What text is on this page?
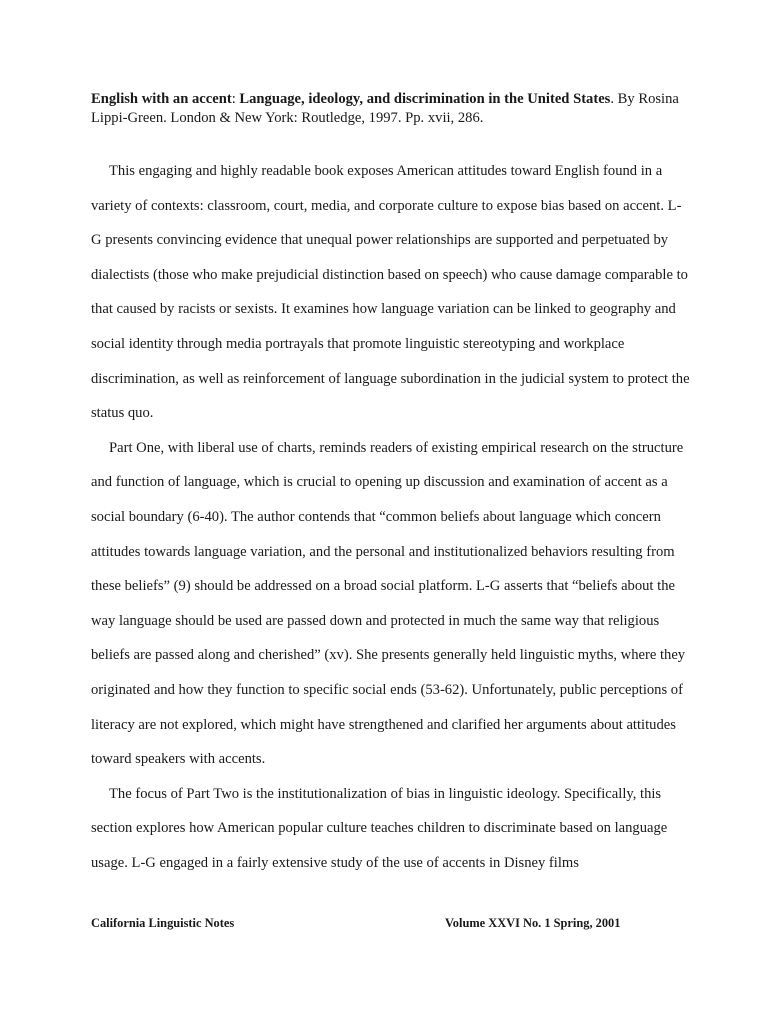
English with an accent: Language, ideology, and discrimination in the United States. By Rosina Lippi-Green. London & New York: Routledge, 1997. Pp. xvii, 286.

This engaging and highly readable book exposes American attitudes toward English found in a variety of contexts: classroom, court, media, and corporate culture to expose bias based on accent. L-G presents convincing evidence that unequal power relationships are supported and perpetuated by dialectists (those who make prejudicial distinction based on speech) who cause damage comparable to that caused by racists or sexists. It examines how language variation can be linked to geography and social identity through media portrayals that promote linguistic stereotyping and workplace discrimination, as well as reinforcement of language subordination in the judicial system to protect the status quo.

Part One, with liberal use of charts, reminds readers of existing empirical research on the structure and function of language, which is crucial to opening up discussion and examination of accent as a social boundary (6-40). The author contends that “common beliefs about language which concern attitudes towards language variation, and the personal and institutionalized behaviors resulting from these beliefs” (9) should be addressed on a broad social platform. L-G asserts that “beliefs about the way language should be used are passed down and protected in much the same way that religious beliefs are passed along and cherished” (xv). She presents generally held linguistic myths, where they originated and how they function to specific social ends (53-62). Unfortunately, public perceptions of literacy are not explored, which might have strengthened and clarified her arguments about attitudes toward speakers with accents.

The focus of Part Two is the institutionalization of bias in linguistic ideology. Specifically, this section explores how American popular culture teaches children to discriminate based on language usage. L-G engaged in a fairly extensive study of the use of accents in Disney films

California Linguistic Notes	Volume XXVI No. 1 Spring, 2001
